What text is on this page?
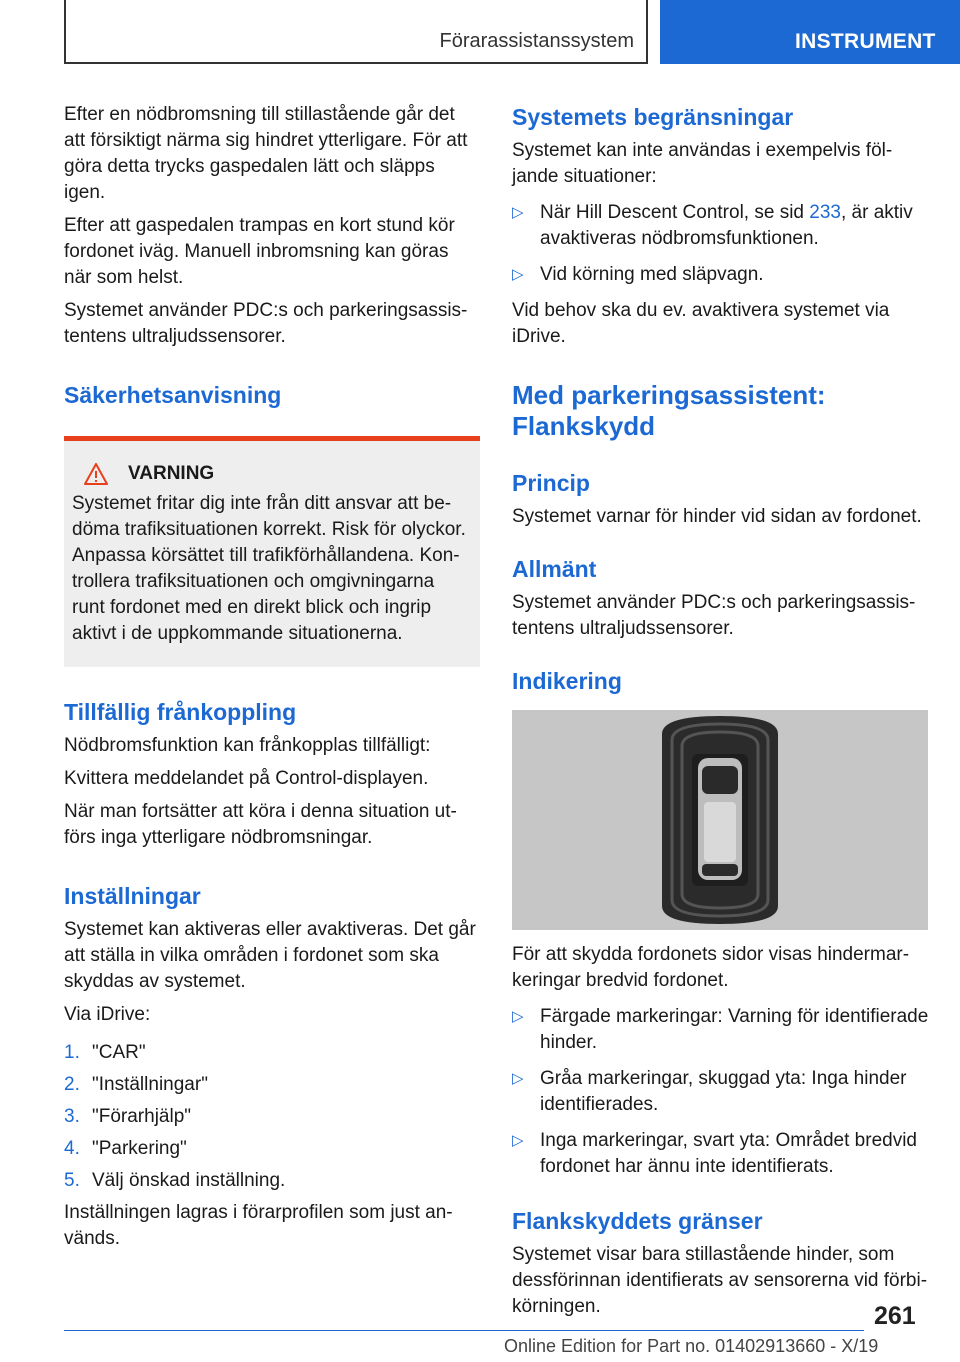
Förarassistanssystem	INSTRUMENT

Efter en nödbromsning till stillastående går det att försiktigt närma sig hindret ytterligare. För att göra detta trycks gaspedalen lätt och släpps igen.

Efter att gaspedalen trampas en kort stund kör fordonet iväg. Manuell inbromsning kan göras när som helst.

Systemet använder PDC:s och parkeringsassis- tentens ultraljudssensorer.

Säkerhetsanvisning
VARNING
Systemet fritar dig inte från ditt ansvar att be- döma trafiksituationen korrekt. Risk för olyckor. Anpassa körsättet till trafikförhållandena. Kon- trollera trafiksituationen och omgivningarna runt fordonet med en direkt blick och ingrip aktivt i de uppkommande situationerna.
Tillfällig frånkoppling

Nödbromsfunktion kan frånkopplas tillfälligt:

Kvittera meddelandet på Control-displayen.

När man fortsätter att köra i denna situation ut- förs inga ytterligare nödbromsningar.

Inställningar

Systemet kan aktiveras eller avaktiveras. Det går att ställa in vilka områden i fordonet som ska skyddas av systemet.

Via iDrive:

1. "CAR"
2. "Inställningar"
3. "Förarhjälp"
4. "Parkering"
5. Välj önskad inställning.

Inställningen lagras i förarprofilen som just an- vänds.

Systemets begränsningar

Systemet kan inte användas i exempelvis föl- jande situationer:

▷ När Hill Descent Control, se sid 233, är aktiv avaktiveras nödbromsfunktionen.
▷ Vid körning med släpvagn.

Vid behov ska du ev. avaktivera systemet via iDrive.

Med parkeringsassistent: Flankskydd
Princip

Systemet varnar för hinder vid sidan av fordonet.

Allmänt

Systemet använder PDC:s och parkeringsassis- tentens ultraljudssensorer.

Indikering

För att skydda fordonets sidor visas hindermar- keringar bredvid fordonet.

▷ Färgade markeringar: Varning för identifierade hinder.
▷ Gråa markeringar, skuggad yta: Inga hinder identifierades.
▷ Inga markeringar, svart yta: Området bredvid fordonet har ännu inte identifierats.
Flankskyddets gränser

Systemet visar bara stillastående hinder, som dessförinnan identifierats av sensorerna vid förbi- körningen.	261
Online Edition for Part no. 01402913660 - X/19
